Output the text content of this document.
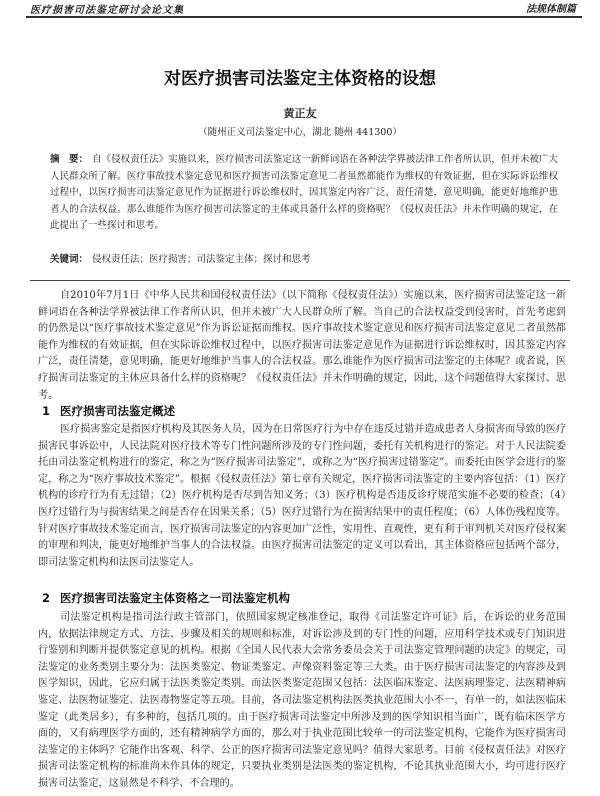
医疗损害司法鉴定研讨会论文集	法规体制篇
对医疗损害司法鉴定主体资格的设想
黄正友
（随州正义司法鉴定中心，湖北 随州 441300）
摘　要： 自《侵权责任法》实施以来，医疗损害司法鉴定这一新鲜词语在各种法学界被法律工作者所认识，但并未被广大人民群众所了解。医疗事故技术鉴定意见和医疗损害司法鉴定意见二者虽然都能作为维权的有效证据，但在实际诉讼维权过程中，以医疗损害司法鉴定意见作为证据进行诉讼维权时，因其鉴定内容广泛，责任清楚，意见明确，能更好地维护患者人的合法权益。那么谁能作为医疗损害司法鉴定的主体或具备什么样的资格呢？《侵权责任法》并未作明确的规定，在此提出了一些探讨和思考。
关键词： 侵权责任法；医疗损害；司法鉴定主体；探讨和思考

自2010年7月1日《中华人民共和国侵权责任法》（以下简称《侵权责任法》）实施以来，医疗损害司法鉴定这一新鲜词语在各种法学界被法律工作者所认识，但并未被广大人民群众所了解。当自己的合法权益受到侵害时，首先考虑到的仍然是以“医疗事故技术鉴定意见”作为诉讼证据而维权。医疗事故技术鉴定意见和医疗损害司法鉴定意见二者虽然都能作为维权的有效证据，但在实际诉讼维权过程中，以医疗损害司法鉴定意见作为证据进行诉讼维权时，因其鉴定内容广泛，责任清楚，意见明确，能更好地维护当事人的合法权益。那么谁能作为医疗损害司法鉴定的主体呢？或者说，医疗损害司法鉴定的主体应具备什么样的资格呢？《侵权责任法》并未作明确的规定，因此，这个问题值得大家探讨、思考。

1 医疗损害司法鉴定概述

医疗损害鉴定是指医疗机构及其医务人员，因为在日常医疗行为中存在违反过错并造成患者人身损害而导致的医疗损害民事诉讼中，人民法院对医疗技术等专门性问题所涉及的专门性问题，委托有关机构进行的鉴定。对于人民法院委托由司法鉴定机构进行的鉴定，称之为“医疗损害司法鉴定”，或称之为“医疗损害过错鉴定”。而委托由医学会进行的鉴定，称之为“医疗事故技术鉴定”。根据《侵权责任法》第七章有关规定，医疗损害司法鉴定的主要内容包括：（1）医疗机构的诊疗行为有无过错；（2）医疗机构是否尽到告知义务；（3）医疗机构是否违反诊疗规范实施不必要的检查；（4）医疗过错行为与损害结果之间是否存在因果关系；（5）医疗过错行为在损害结果中的责任程度；（6）人体伤残程度等。针对医疗事故技术鉴定而言，医疗损害司法鉴定的内容更加广泛性，实用性、直观性，更有利于审判机关对医疗侵权案的审理和判决，能更好地维护当事人的合法权益。由医疗损害司法鉴定的定义可以看出，其主体资格应包括两个部分，即司法鉴定机构和法医司法鉴定人。

2 医疗损害司法鉴定主体资格之一司法鉴定机构

司法鉴定机构是指司法行政主管部门，依照国家规定核准登记，取得《司法鉴定许可证》后，在诉讼的业务范围内，依据法律规定方式、方法、步骤及相关的规则和标准，对诉讼涉及到的专门性的问题，应用科学技术或专门知识进行鉴别和判断并提供鉴定意见的机构。根据《全国人民代表大会常务委员会关于司法鉴定管理问题的决定》的规定，司法鉴定的业务类别主要分为：法医类鉴定、物证类鉴定、声像资料鉴定等三大类。由于医疗损害司法鉴定的内容涉及到医学知识，因此，它应归属于法医类鉴定类别。而法医类鉴定范围又包括：法医临床鉴定、法医病理鉴定、法医精神病鉴定、法医物证鉴定、法医毒物鉴定等五项。目前，各司法鉴定机构法医类执业范围大小不一，有单一的，如法医临床鉴定（此类居多），有多种的，包括几项的。由于医疗损害司法鉴定中所涉及到的医学知识相当面广，既有临床医学方面的，又有病理医学方面的，还有精神病学方面的，那么对于执业范围比较单一的司法鉴定机构，它能作为医疗损害司法鉴定的主体吗？它能作出客观、科学、公正的医疗损害司法鉴定意见吗？值得大家思考。目前《侵权责任法》对医疗损害司法鉴定机构的标准尚未作具体的规定，只要执业类别是法医类的鉴定机构，不论其执业范围大小，均可进行医疗损害司法鉴定，这显然是不科学、不合理的。
